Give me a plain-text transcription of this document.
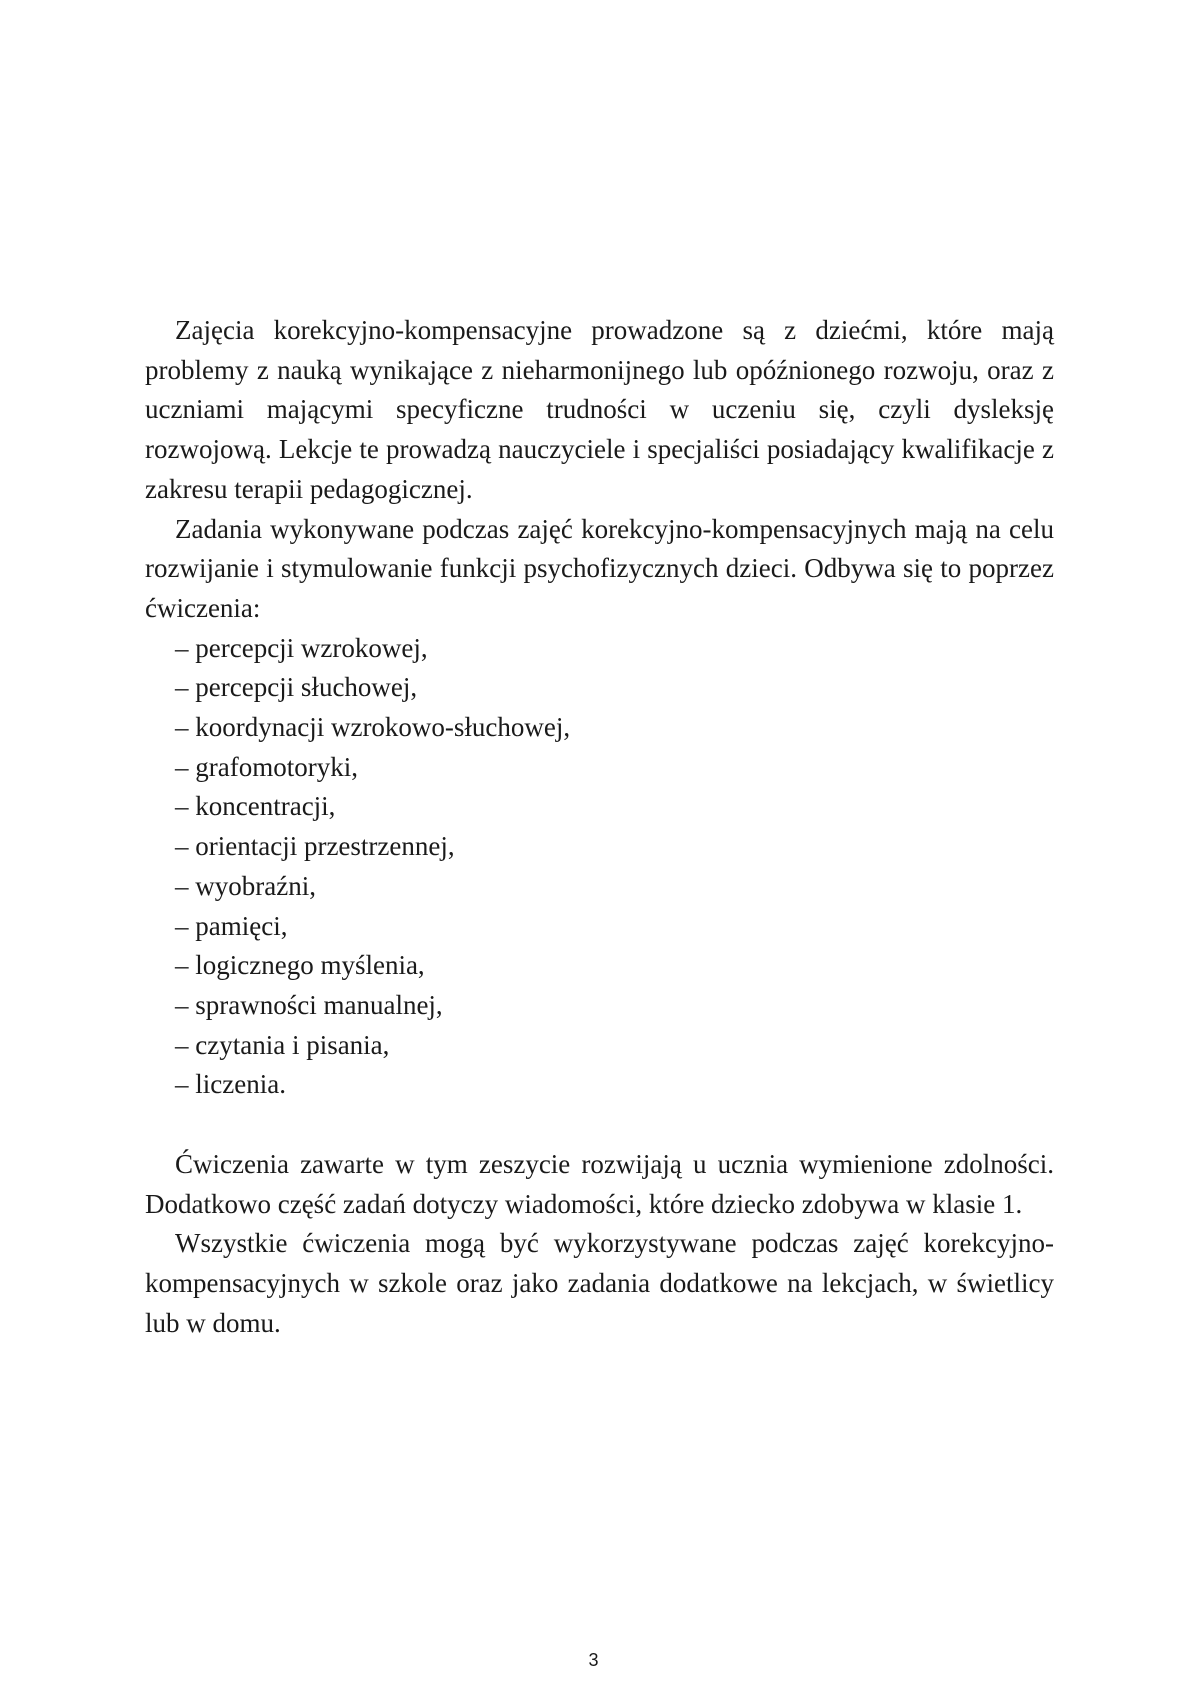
Zajęcia korekcyjno-kompensacyjne prowadzone są z dziećmi, które mają problemy z nauką wynikające z nieharmonijnego lub opóźnionego rozwoju, oraz z uczniami mającymi specyficzne trudności w uczeniu się, czyli dysleksję rozwojową. Lekcje te prowadzą nauczyciele i specjaliści posiadający kwalifikacje z zakresu terapii pedagogicznej.

Zadania wykonywane podczas zajęć korekcyjno-kompensacyjnych mają na celu rozwijanie i stymulowanie funkcji psychofizycznych dzieci. Odbywa się to poprzez ćwiczenia:

– percepcji wzrokowej,
– percepcji słuchowej,
– koordynacji wzrokowo-słuchowej,
– grafomotoryki,
– koncentracji,
– orientacji przestrzennej,
– wyobraźni,
– pamięci,
– logicznego myślenia,
– sprawności manualnej,
– czytania i pisania,
– liczenia.

Ćwiczenia zawarte w tym zeszycie rozwijają u ucznia wymienione zdolności. Dodatkowo część zadań dotyczy wiadomości, które dziecko zdobywa w klasie 1.

Wszystkie ćwiczenia mogą być wykorzystywane podczas zajęć korekcyjno-kompensacyjnych w szkole oraz jako zadania dodatkowe na lekcjach, w świetlicy lub w domu.

3
